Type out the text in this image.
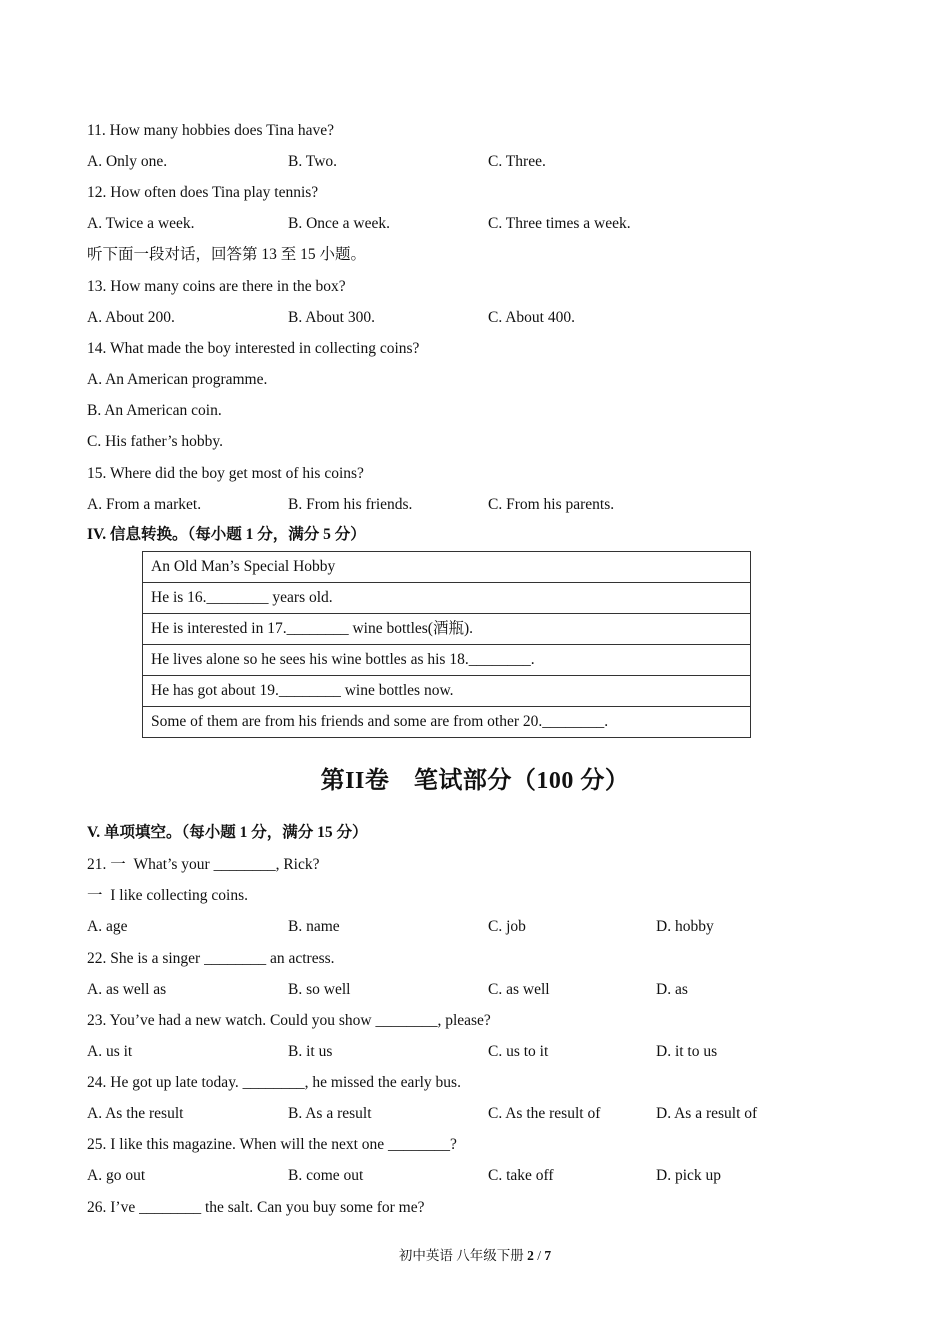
11. How many hobbies does Tina have?
A. Only one.	B. Two.	C. Three.
12. How often does Tina play tennis?
A. Twice a week.	B. Once a week.	C. Three times a week.
听下面一段对话，回答第 13 至 15 小题。
13. How many coins are there in the box?
A. About 200.	B. About 300.	C. About 400.
14. What made the boy interested in collecting coins?
A. An American programme.
B. An American coin.
C. His father’s hobby.
15. Where did the boy get most of his coins?
A. From a market.	B. From his friends.	C. From his parents.
IV. 信息转换。（每小题 1 分，满分 5 分）
An Old Man’s Special Hobby
He is 16.________ years old.
He is interested in 17.________ wine bottles(酒瓶).
He lives alone so he sees his wine bottles as his 18.________.
He has got about 19.________ wine bottles now.
Some of them are from his friends and some are from other 20.________.
第II卷　笔试部分（100 分）
V. 单项填空。（每小题 1 分，满分 15 分）
21. 一  What’s your ________, Rick?
一  I like collecting coins.
A. age	B. name	C. job	D. hobby
22. She is a singer ________ an actress.
A. as well as	B. so well	C. as well	D. as
23. You’ve had a new watch. Could you show ________, please?
A. us it	B. it us	C. us to it	D. it to us
24. He got up late today. ________, he missed the early bus.
A. As the result	B. As a result	C. As the result of	D. As a result of
25. I like this magazine. When will the next one ________?
A. go out	B. come out	C. take off	D. pick up
26. I’ve ________ the salt. Can you buy some for me?
初中英语 八年级下册 2 / 7
